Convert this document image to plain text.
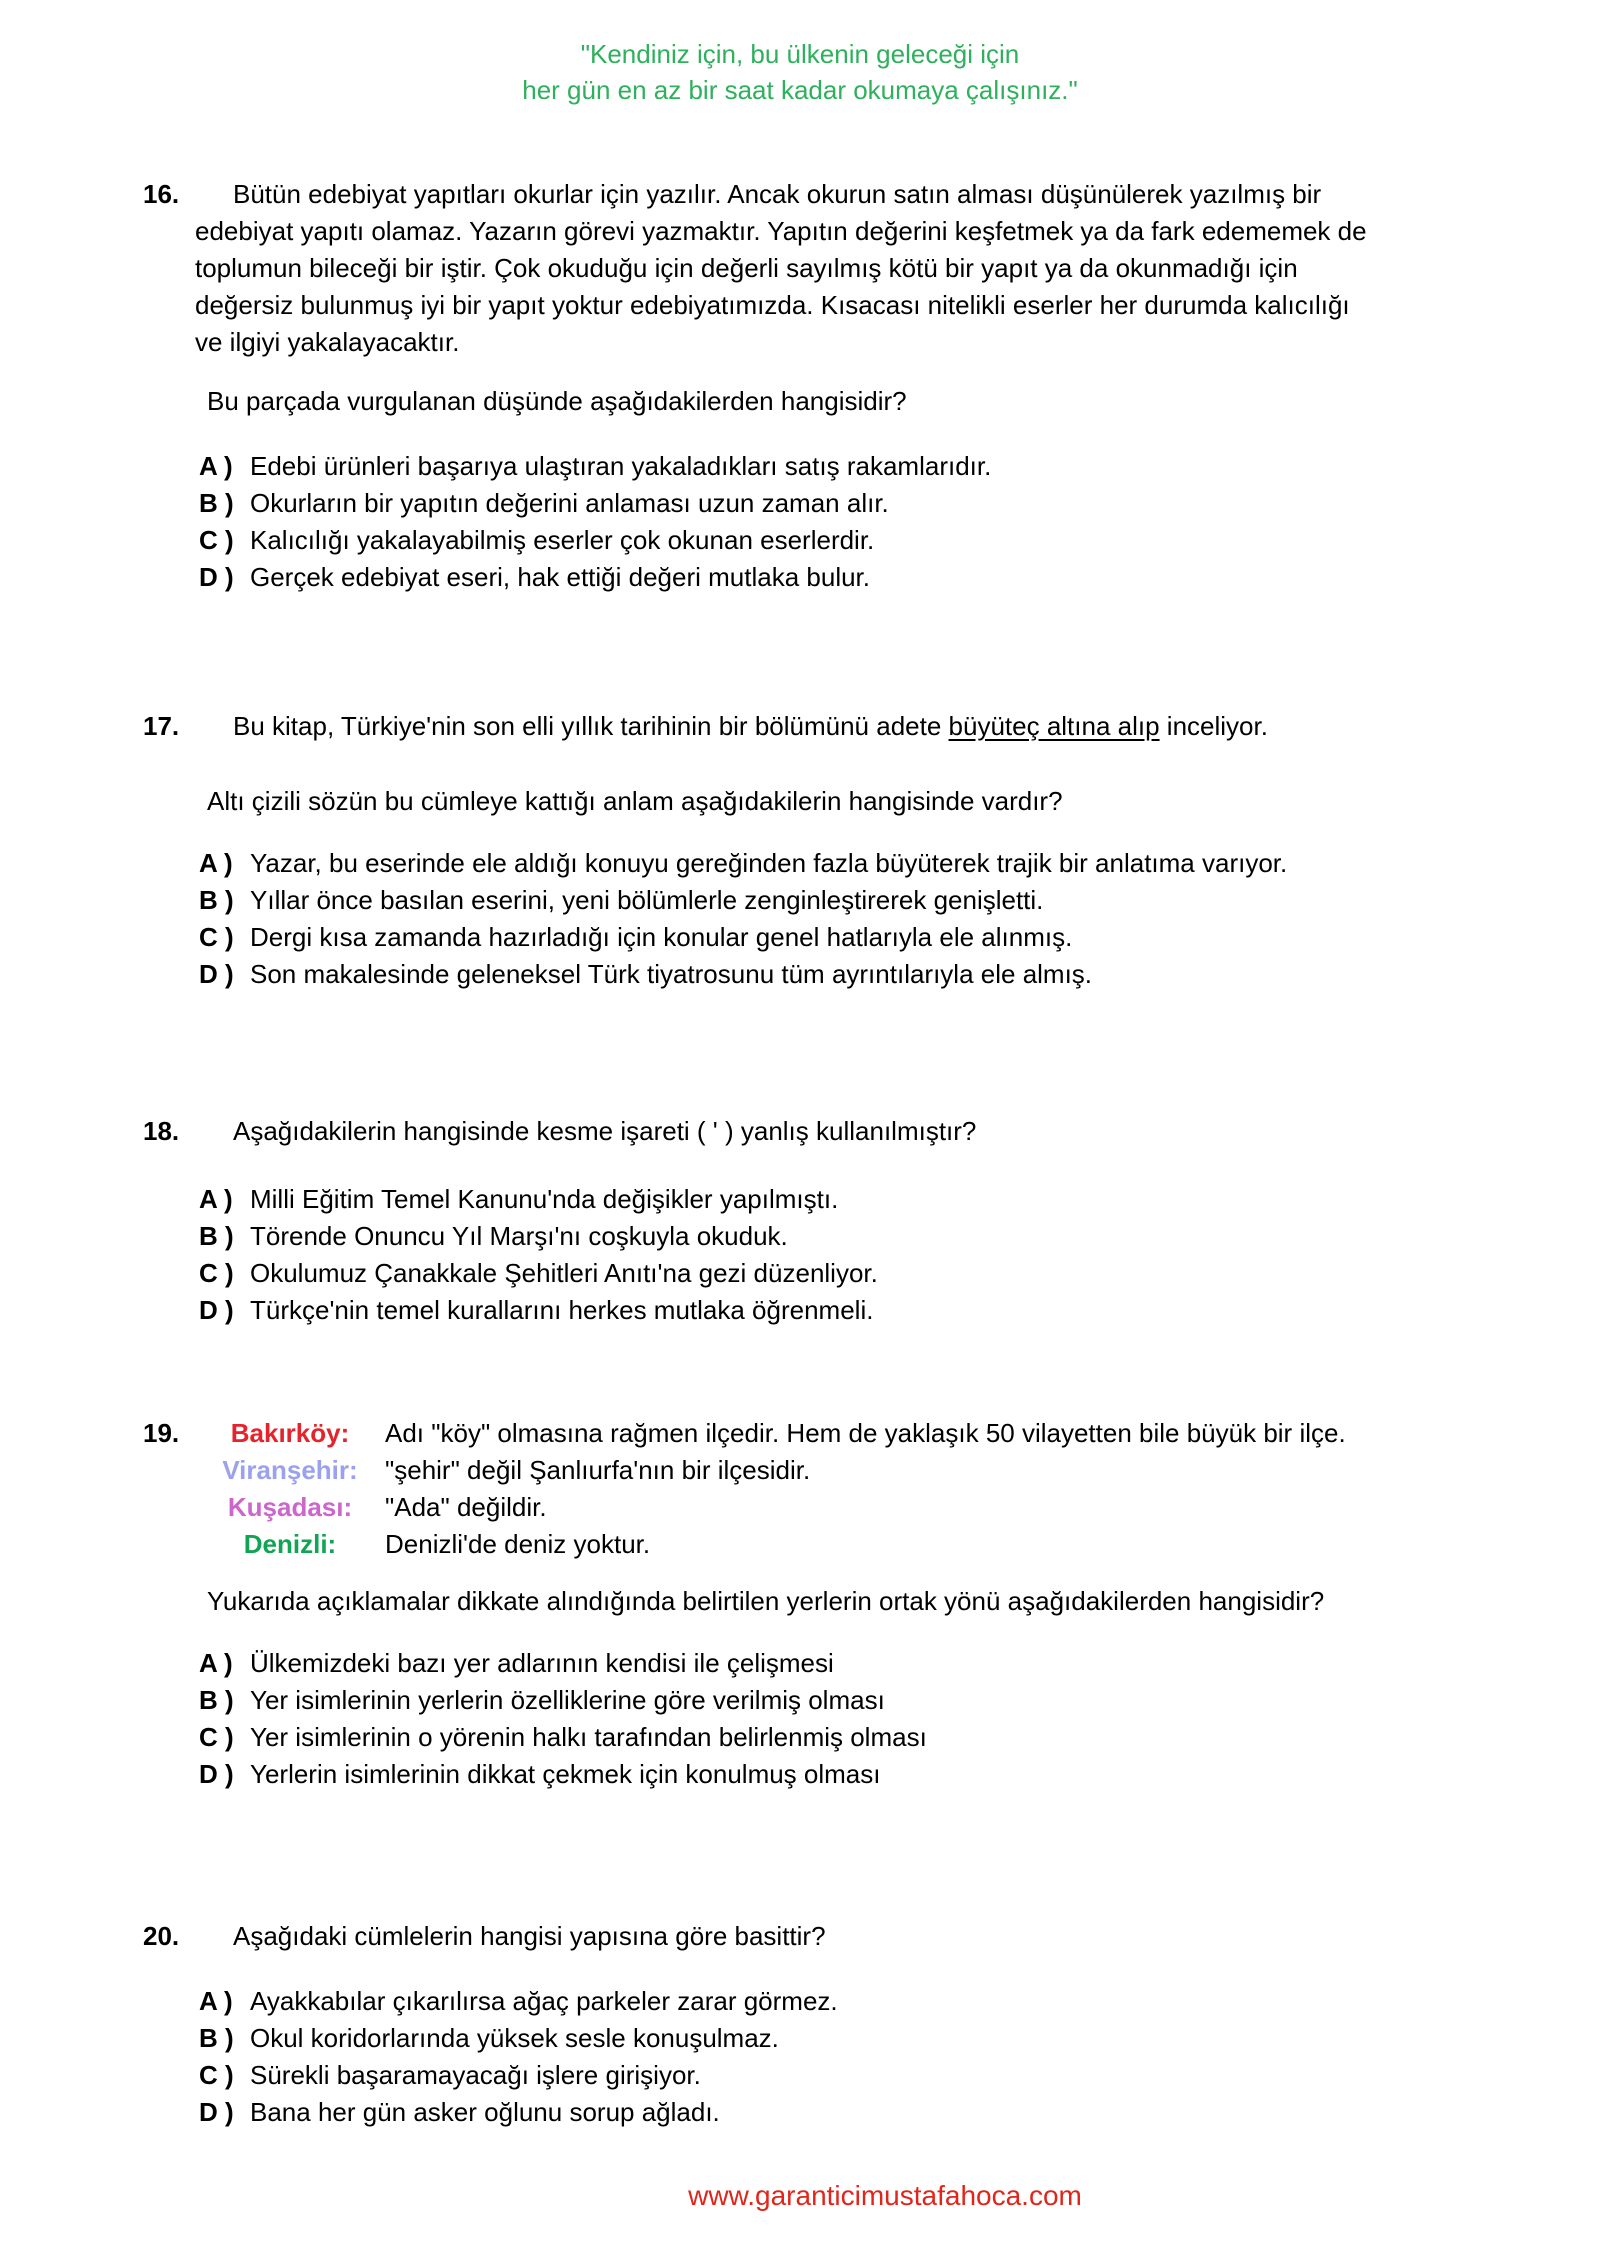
"Kendiniz için, bu ülkenin geleceği için
her gün en az bir saat kadar okumaya çalışınız."
16.	Bütün edebiyat yapıtları okurlar için yazılır. Ancak okurun satın alması düşünülerek yazılmış bir
edebiyat yapıtı olamaz. Yazarın görevi yazmaktır. Yapıtın değerini keşfetmek ya da fark edememek de
toplumun bileceği bir iştir. Çok okuduğu için değerli sayılmış kötü bir yapıt ya da okunmadığı için
değersiz bulunmuş iyi bir yapıt yoktur edebiyatımızda. Kısacası nitelikli eserler her durumda kalıcılığı
ve ilgiyi yakalayacaktır.
Bu parçada vurgulanan düşünde aşağıdakilerden hangisidir?
A ) Edebi ürünleri başarıya ulaştıran yakaladıkları satış rakamlarıdır.
B ) Okurların bir yapıtın değerini anlaması uzun zaman alır.
C ) Kalıcılığı yakalayabilmiş eserler çok okunan eserlerdir.
D ) Gerçek edebiyat eseri, hak ettiği değeri mutlaka bulur.
17.	Bu kitap, Türkiye'nin son elli yıllık tarihinin bir bölümünü adete büyüteç altına alıp inceliyor.
Altı çizili sözün bu cümleye kattığı anlam aşağıdakilerin hangisinde vardır?
A ) Yazar, bu eserinde ele aldığı konuyu gereğinden fazla büyüterek trajik bir anlatıma varıyor.
B ) Yıllar önce basılan eserini, yeni bölümlerle zenginleştirerek genişletti.
C ) Dergi kısa zamanda hazırladığı için konular genel hatlarıyla ele alınmış.
D ) Son makalesinde geleneksel Türk tiyatrosunu tüm ayrıntılarıyla ele almış.
18.	Aşağıdakilerin hangisinde kesme işareti ( ' ) yanlış kullanılmıştır?
A ) Milli Eğitim Temel Kanunu'nda değişikler yapılmıştı.
B ) Törende Onuncu Yıl Marşı'nı coşkuyla okuduk.
C ) Okulumuz Çanakkale Şehitleri Anıtı'na gezi düzenliyor.
D ) Türkçe'nin temel kurallarını herkes mutlaka öğrenmeli.
19.	Bakırköy:	Adı "köy" olmasına rağmen ilçedir. Hem de yaklaşık 50 vilayetten bile büyük bir ilçe.
Viranşehir:	"şehir" değil Şanlıurfa'nın bir ilçesidir.
Kuşadası:	"Ada" değildir.
Denizli:	Denizli'de deniz yoktur.
Yukarıda açıklamalar dikkate alındığında belirtilen yerlerin ortak yönü aşağıdakilerden hangisidir?
A ) Ülkemizdeki bazı yer adlarının kendisi ile çelişmesi
B ) Yer isimlerinin yerlerin özelliklerine göre verilmiş olması
C ) Yer isimlerinin o yörenin halkı tarafından belirlenmiş olması
D ) Yerlerin isimlerinin dikkat çekmek için konulmuş olması
20.	Aşağıdaki cümlelerin hangisi yapısına göre basittir?
A ) Ayakkabılar çıkarılırsa ağaç parkeler zarar görmez.
B ) Okul koridorlarında yüksek sesle konuşulmaz.
C ) Sürekli başaramayacağı işlere girişiyor.
D ) Bana her gün asker oğlunu sorup ağladı.
www.garanticimustafahoca.com
